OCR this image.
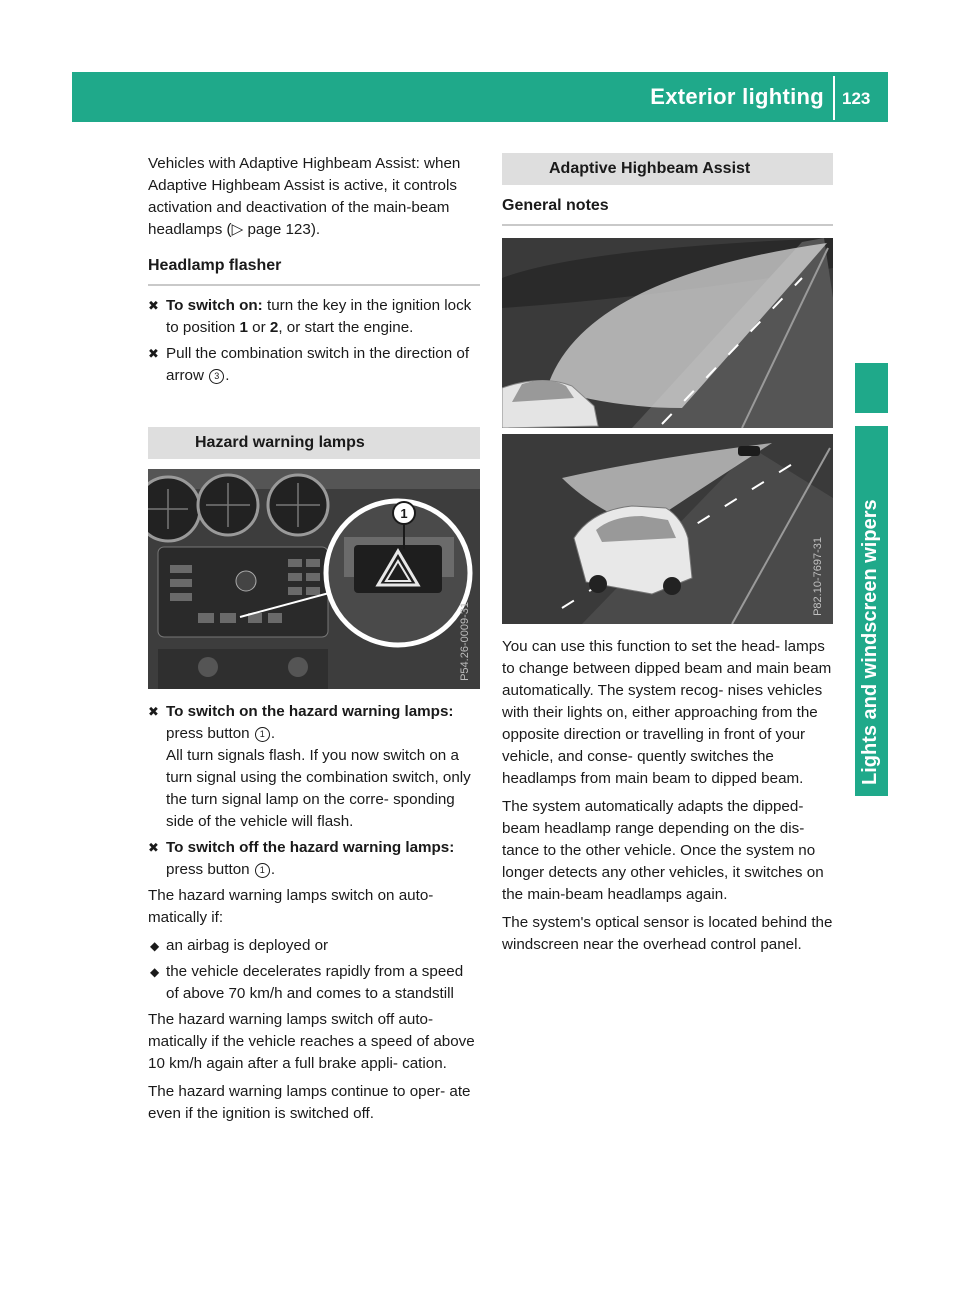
Exterior lighting 123
Lights and windscreen wipers

Vehicles with Adaptive Highbeam Assist: when Adaptive Highbeam Assist is active, it controls activation and deactivation of the main-beam headlamps (▷ page 123).

Headlamp flasher
✖ To switch on: turn the key in the ignition lock to position 1 or 2, or start the engine.
✖ Pull the combination switch in the direction of arrow 3 .
Hazard warning lamps
1
P54.26-0009-31
✖ To switch on the hazard warning lamps:
press button 1 .
All turn signals flash. If you now switch on a turn signal using the combination switch, only the turn signal lamp on the corre- sponding side of the vehicle will flash.
✖ To switch off the hazard warning lamps:
press button 1 .

The hazard warning lamps switch on auto- matically if:

◆ an airbag is deployed or
◆ the vehicle decelerates rapidly from a speed of above 70 km/h and comes to a standstill

The hazard warning lamps switch off auto- matically if the vehicle reaches a speed of above 10 km/h again after a full brake appli- cation.

The hazard warning lamps continue to oper- ate even if the ignition is switched off.

Adaptive Highbeam Assist
General notes
P82.10-7697-31

You can use this function to set the head- lamps to change between dipped beam and main beam automatically. The system recog- nises vehicles with their lights on, either approaching from the opposite direction or travelling in front of your vehicle, and conse- quently switches the headlamps from main beam to dipped beam.

The system automatically adapts the dipped- beam headlamp range depending on the dis- tance to the other vehicle. Once the system no longer detects any other vehicles, it switches on the main-beam headlamps again.

The system's optical sensor is located behind the windscreen near the overhead control panel.
